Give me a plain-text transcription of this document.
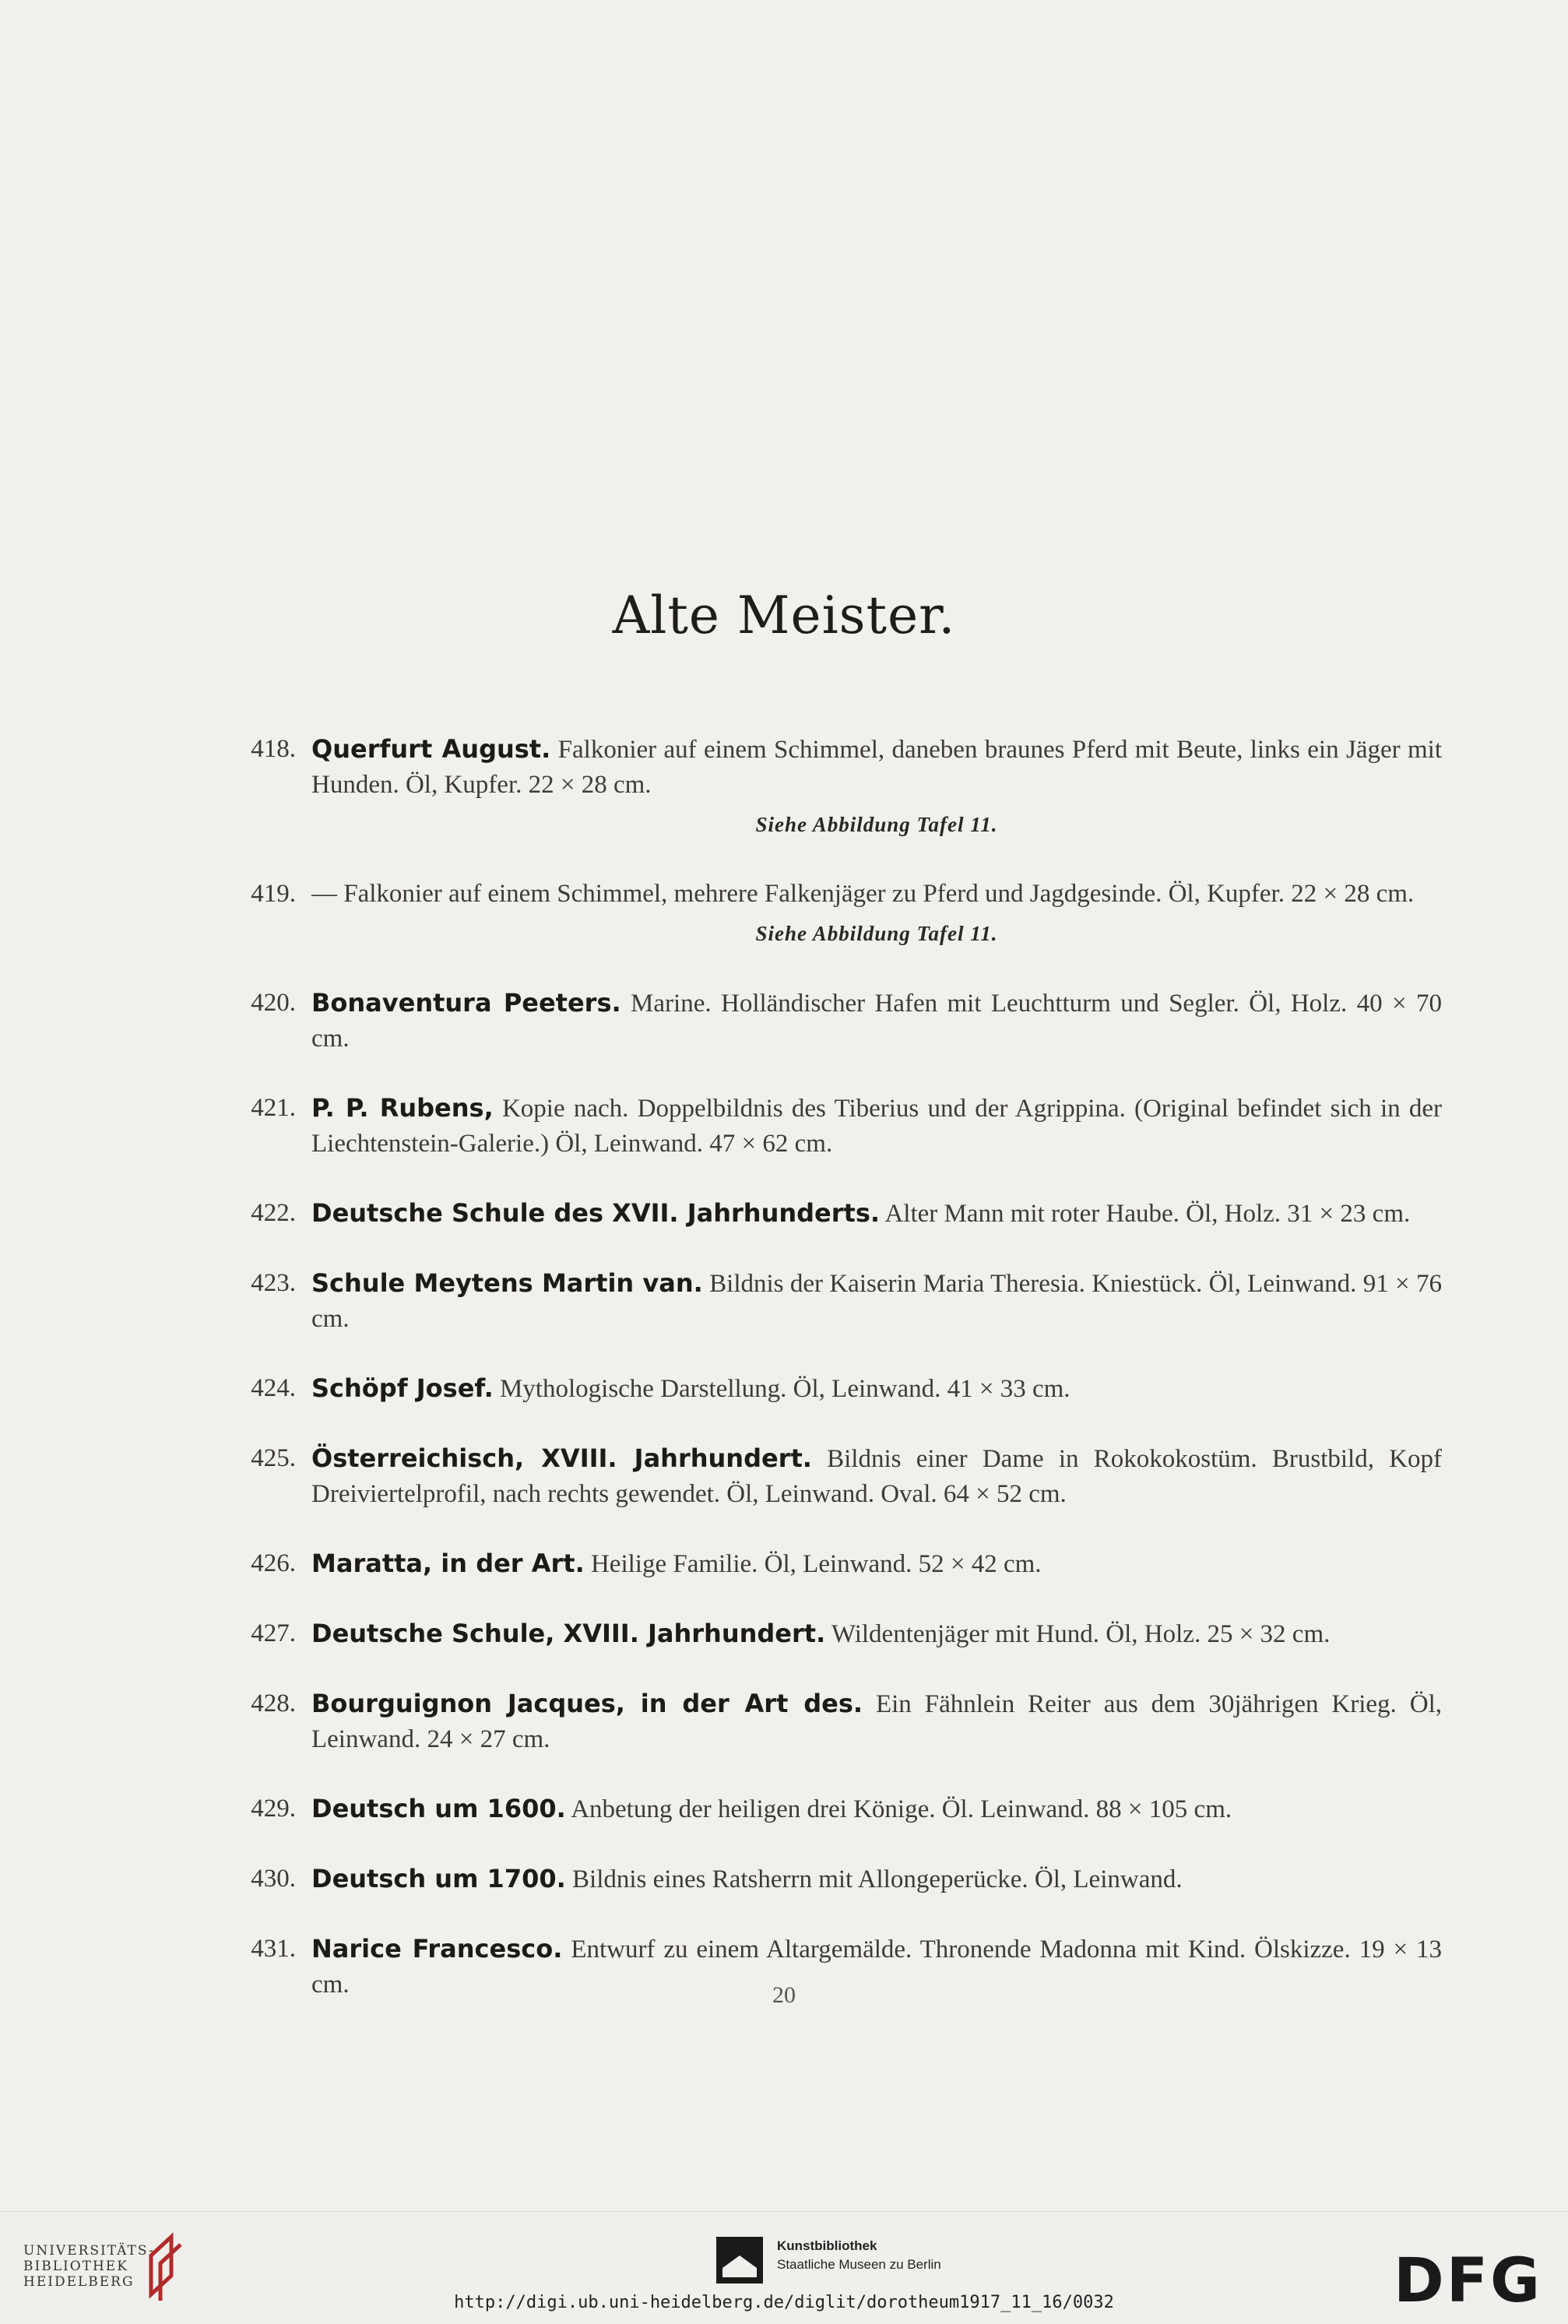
Alte Meister.
418. Querfurt August. Falkonier auf einem Schimmel, daneben braunes Pferd mit Beute, links ein Jäger mit Hunden. Öl, Kupfer. 22 × 28 cm.
Siehe Abbildung Tafel 11.
419. — Falkonier auf einem Schimmel, mehrere Falkenjäger zu Pferd und Jagdgesinde. Öl, Kupfer. 22 × 28 cm.
Siehe Abbildung Tafel 11.
420. Bonaventura Peeters. Marine. Holländischer Hafen mit Leuchtturm und Segler. Öl, Holz. 40 × 70 cm.
421. P. P. Rubens, Kopie nach. Doppelbildnis des Tiberius und der Agrippina. (Original befindet sich in der Liechtenstein-Galerie.) Öl, Leinwand. 47 × 62 cm.
422. Deutsche Schule des XVII. Jahrhunderts. Alter Mann mit roter Haube. Öl, Holz. 31 × 23 cm.
423. Schule Meytens Martin van. Bildnis der Kaiserin Maria Theresia. Kniestück. Öl, Leinwand. 91 × 76 cm.
424. Schöpf Josef. Mythologische Darstellung. Öl, Leinwand. 41 × 33 cm.
425. Österreichisch, XVIII. Jahrhundert. Bildnis einer Dame in Rokokokostüm. Brustbild, Kopf Dreiviertelprofil, nach rechts gewendet. Öl, Leinwand. Oval. 64 × 52 cm.
426. Maratta, in der Art. Heilige Familie. Öl, Leinwand. 52 × 42 cm.
427. Deutsche Schule, XVIII. Jahrhundert. Wildentenjäger mit Hund. Öl, Holz. 25 × 32 cm.
428. Bourguignon Jacques, in der Art des. Ein Fähnlein Reiter aus dem 30jährigen Krieg. Öl, Leinwand. 24 × 27 cm.
429. Deutsch um 1600. Anbetung der heiligen drei Könige. Öl. Leinwand. 88 × 105 cm.
430. Deutsch um 1700. Bildnis eines Ratsherrn mit Allongeperücke. Öl, Leinwand.
431. Narice Francesco. Entwurf zu einem Altargemälde. Thronende Madonna mit Kind. Ölskizze. 19 × 13 cm.	20
UNIVERSITÄTS-
BIBLIOTHEK
HEIDELBERG
Kunstbibliothek
Staatliche Museen zu Berlin	DFG
http://digi.ub.uni-heidelberg.de/diglit/dorotheum1917_11_16/0032
